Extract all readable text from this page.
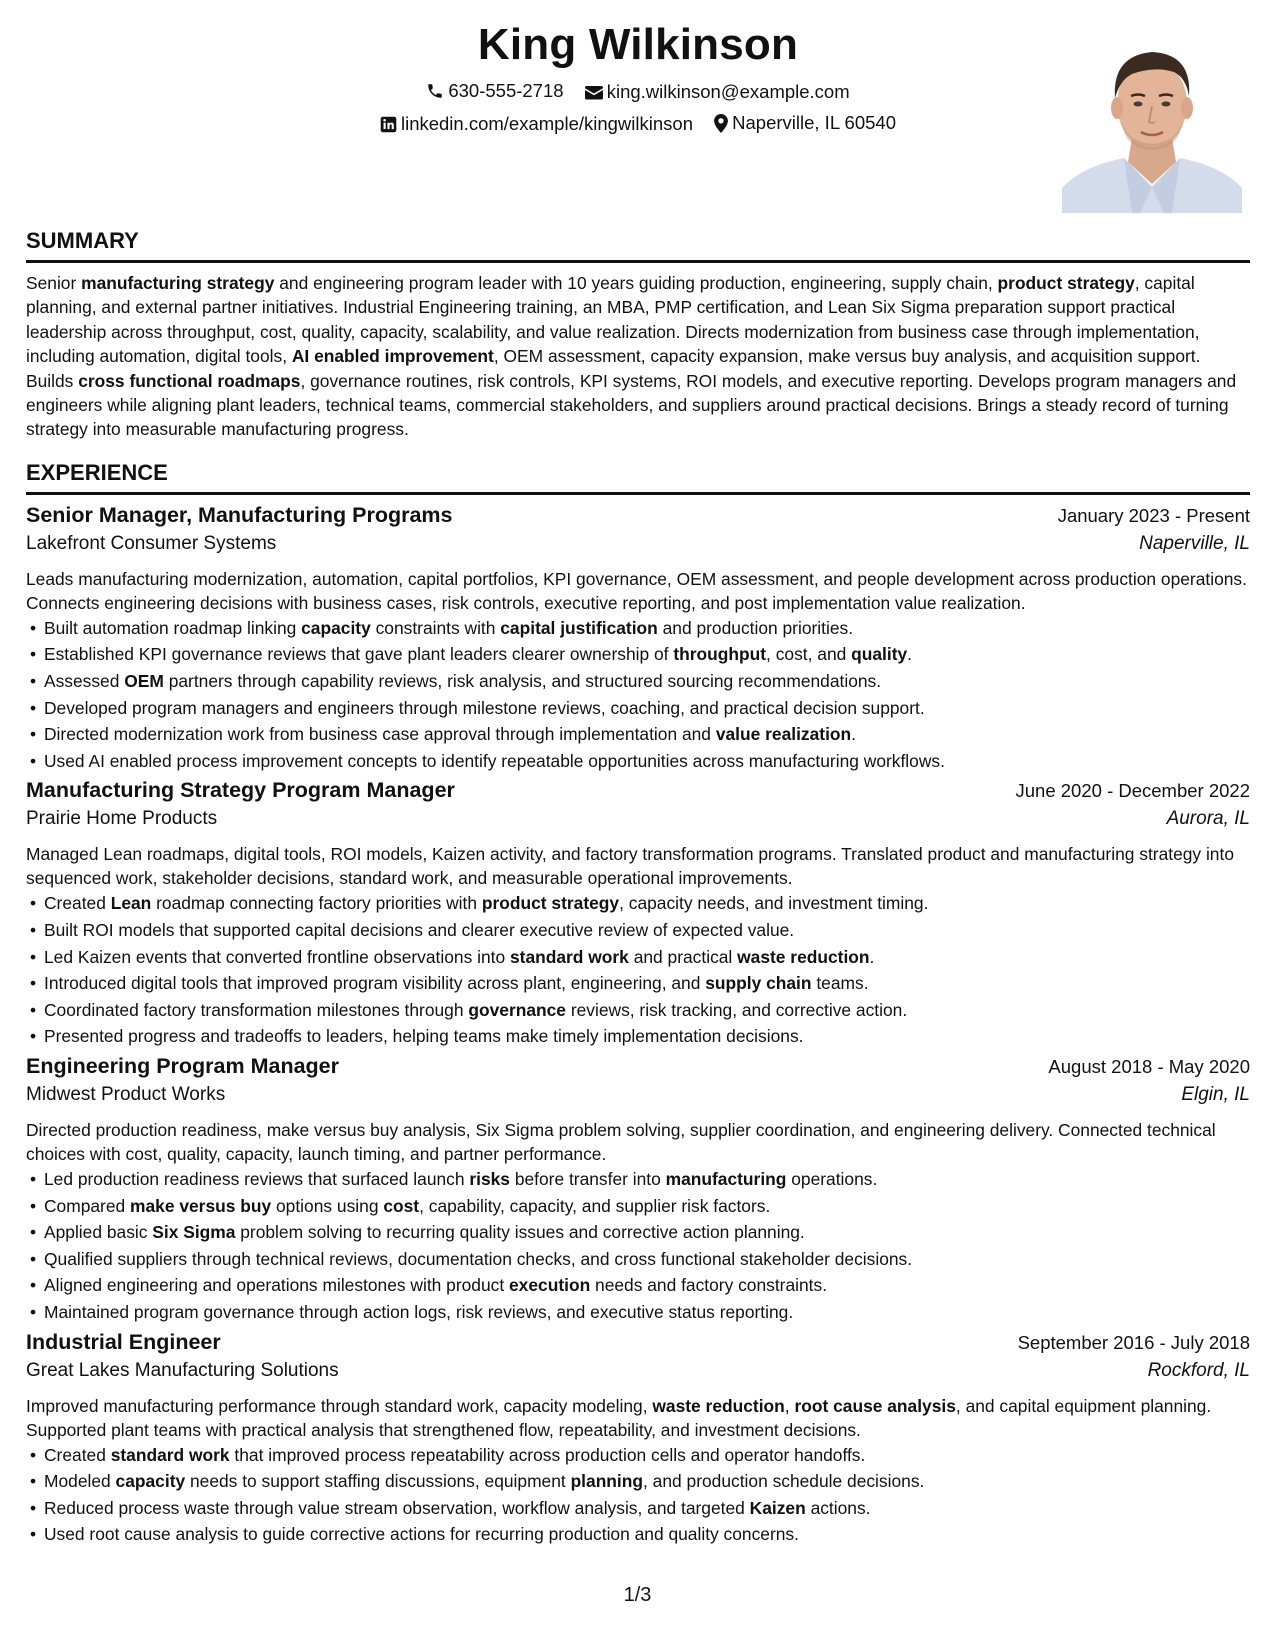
King Wilkinson
630-555-2718
king.wilkinson@example.com
linkedin.com/example/kingwilkinson
Naperville, IL 60540
SUMMARY

Senior manufacturing strategy and engineering program leader with 10 years guiding production, engineering, supply chain, product strategy, capital planning, and external partner initiatives. Industrial Engineering training, an MBA, PMP certification, and Lean Six Sigma preparation support practical leadership across throughput, cost, quality, capacity, scalability, and value realization. Directs modernization from business case through implementation, including automation, digital tools, AI enabled improvement, OEM assessment, capacity expansion, make versus buy analysis, and acquisition support. Builds cross functional roadmaps, governance routines, risk controls, KPI systems, ROI models, and executive reporting. Develops program managers and engineers while aligning plant leaders, technical teams, commercial stakeholders, and suppliers around practical decisions. Brings a steady record of turning strategy into measurable manufacturing progress.

EXPERIENCE
Senior Manager, Manufacturing Programs	January 2023 - Present
Lakefront Consumer Systems	Naperville, IL

Leads manufacturing modernization, automation, capital portfolios, KPI governance, OEM assessment, and people development across production operations. Connects engineering decisions with business cases, risk controls, executive reporting, and post implementation value realization.

• Built automation roadmap linking capacity constraints with capital justification and production priorities.
• Established KPI governance reviews that gave plant leaders clearer ownership of throughput, cost, and quality.
• Assessed OEM partners through capability reviews, risk analysis, and structured sourcing recommendations.
• Developed program managers and engineers through milestone reviews, coaching, and practical decision support.
• Directed modernization work from business case approval through implementation and value realization.
• Used AI enabled process improvement concepts to identify repeatable opportunities across manufacturing workflows.
Manufacturing Strategy Program Manager	June 2020 - December 2022
Prairie Home Products	Aurora, IL

Managed Lean roadmaps, digital tools, ROI models, Kaizen activity, and factory transformation programs. Translated product and manufacturing strategy into sequenced work, stakeholder decisions, standard work, and measurable operational improvements.

• Created Lean roadmap connecting factory priorities with product strategy, capacity needs, and investment timing.
• Built ROI models that supported capital decisions and clearer executive review of expected value.
• Led Kaizen events that converted frontline observations into standard work and practical waste reduction.
• Introduced digital tools that improved program visibility across plant, engineering, and supply chain teams.
• Coordinated factory transformation milestones through governance reviews, risk tracking, and corrective action.
• Presented progress and tradeoffs to leaders, helping teams make timely implementation decisions.
Engineering Program Manager	August 2018 - May 2020
Midwest Product Works	Elgin, IL

Directed production readiness, make versus buy analysis, Six Sigma problem solving, supplier coordination, and engineering delivery. Connected technical choices with cost, quality, capacity, launch timing, and partner performance.

• Led production readiness reviews that surfaced launch risks before transfer into manufacturing operations.
• Compared make versus buy options using cost, capability, capacity, and supplier risk factors.
• Applied basic Six Sigma problem solving to recurring quality issues and corrective action planning.
• Qualified suppliers through technical reviews, documentation checks, and cross functional stakeholder decisions.
• Aligned engineering and operations milestones with product execution needs and factory constraints.
• Maintained program governance through action logs, risk reviews, and executive status reporting.
Industrial Engineer	September 2016 - July 2018
Great Lakes Manufacturing Solutions	Rockford, IL

Improved manufacturing performance through standard work, capacity modeling, waste reduction, root cause analysis, and capital equipment planning. Supported plant teams with practical analysis that strengthened flow, repeatability, and investment decisions.

• Created standard work that improved process repeatability across production cells and operator handoffs.
• Modeled capacity needs to support staffing discussions, equipment planning, and production schedule decisions.
• Reduced process waste through value stream observation, workflow analysis, and targeted Kaizen actions.
• Used root cause analysis to guide corrective actions for recurring production and quality concerns.
1/3
